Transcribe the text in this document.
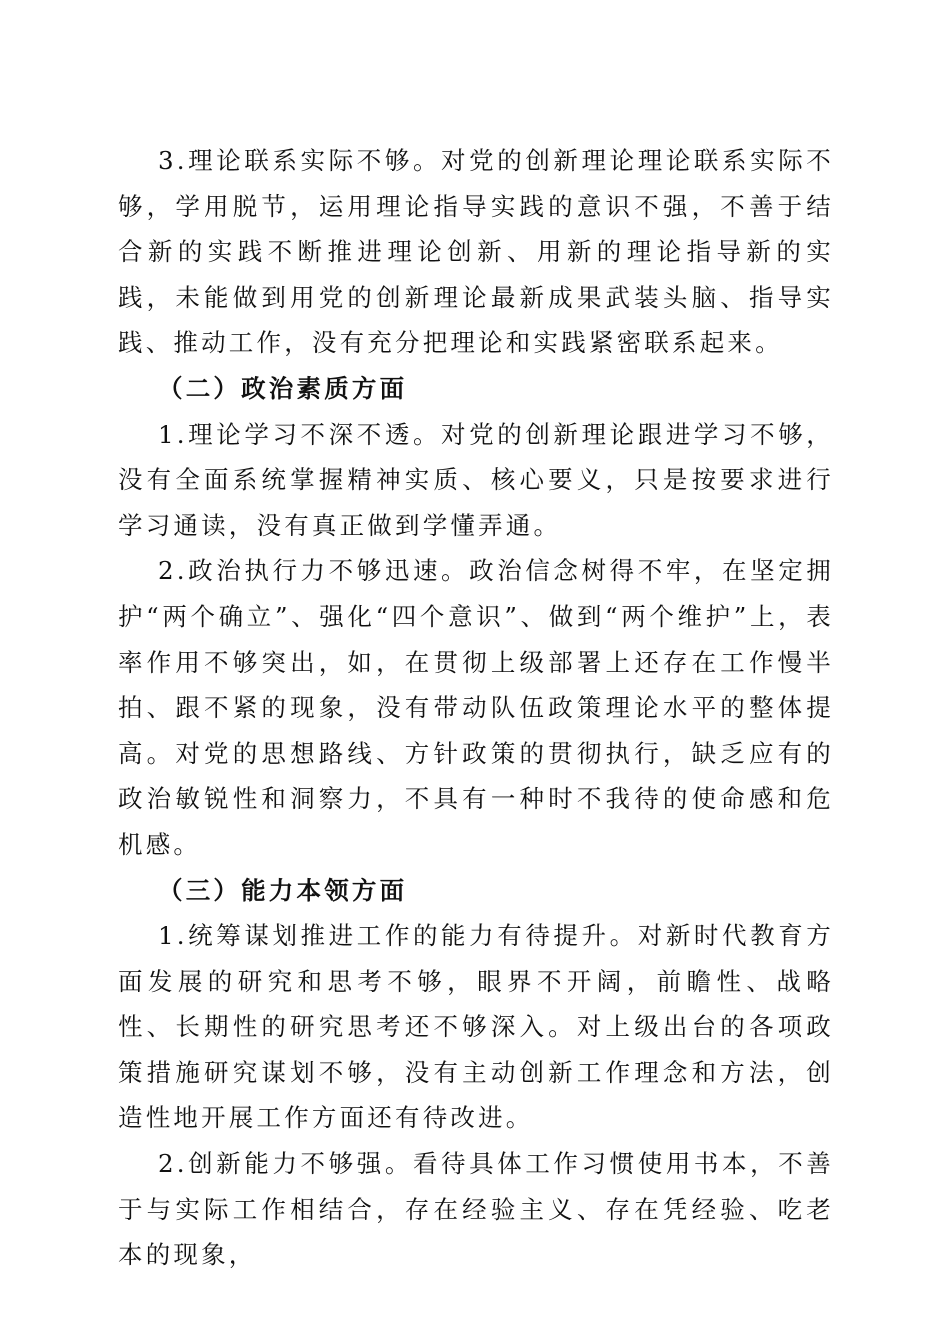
3.理论联系实际不够。对党的创新理论理论联系实际不够，学用脱节，运用理论指导实践的意识不强，不善于结合新的实践不断推进理论创新、用新的理论指导新的实践，未能做到用党的创新理论最新成果武装头脑、指导实践、推动工作，没有充分把理论和实践紧密联系起来。

（二）政治素质方面

1.理论学习不深不透。对党的创新理论跟进学习不够，没有全面系统掌握精神实质、核心要义，只是按要求进行学习通读，没有真正做到学懂弄通。

2.政治执行力不够迅速。政治信念树得不牢，在坚定拥护“两个确立”、强化“四个意识”、做到“两个维护”上，表率作用不够突出，如，在贯彻上级部署上还存在工作慢半拍、跟不紧的现象，没有带动队伍政策理论水平的整体提高。对党的思想路线、方针政策的贯彻执行，缺乏应有的政治敏锐性和洞察力，不具有一种时不我待的使命感和危机感。

（三）能力本领方面

1.统筹谋划推进工作的能力有待提升。对新时代教育方面发展的研究和思考不够，眼界不开阔，前瞻性、战略性、长期性的研究思考还不够深入。对上级出台的各项政策措施研究谋划不够，没有主动创新工作理念和方法，创造性地开展工作方面还有待改进。

2.创新能力不够强。看待具体工作习惯使用书本，不善于与实际工作相结合，存在经验主义、存在凭经验、吃老本的现象，
